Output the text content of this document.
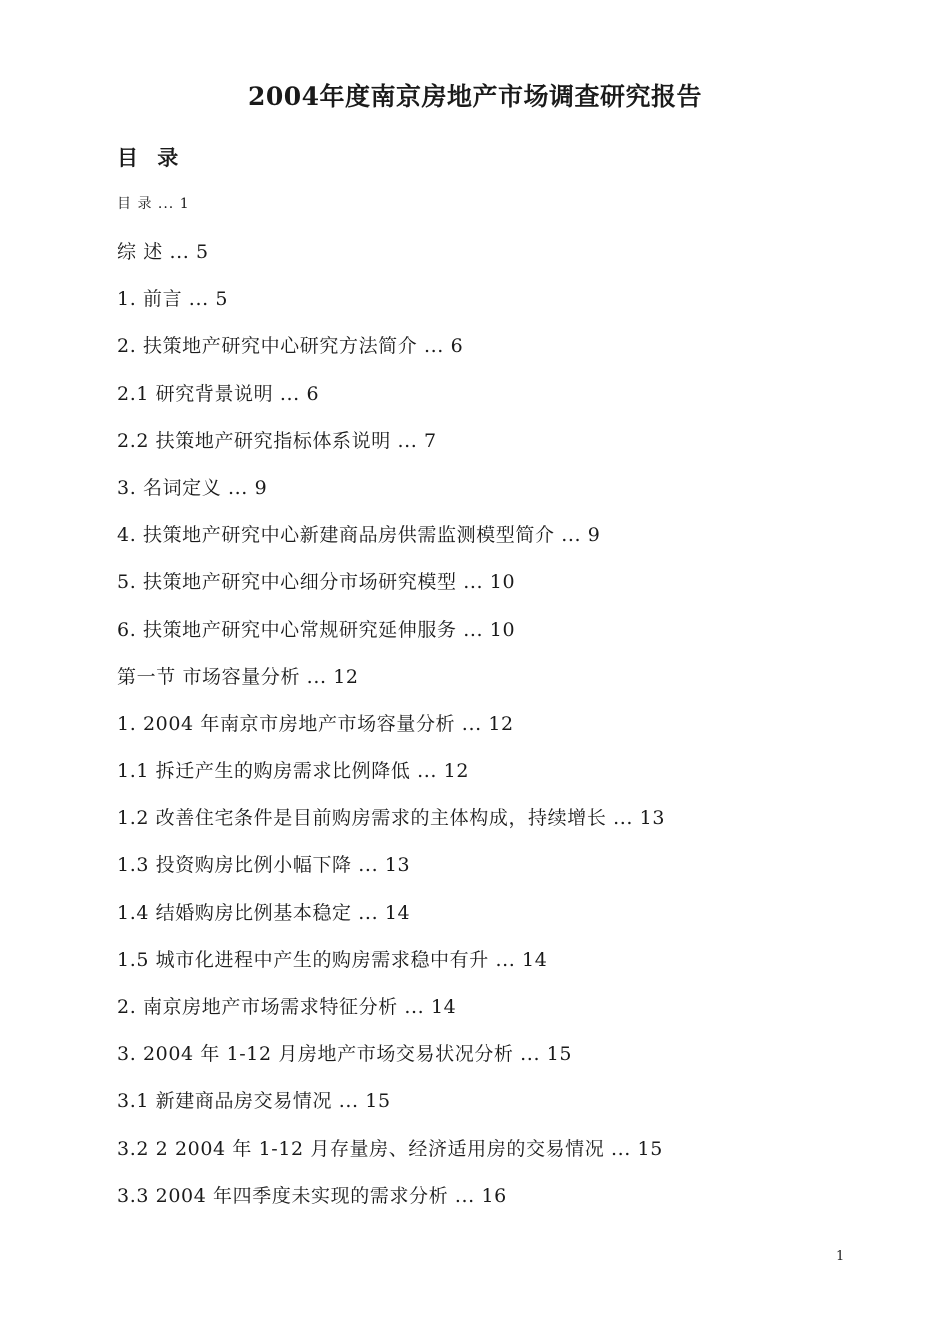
2004年度南京房地产市场调查研究报告
目 录
目 录 ... 1
综 述 ... 5
1. 前言 ... 5
2. 扶策地产研究中心研究方法简介 ... 6
2.1 研究背景说明 ... 6
2.2 扶策地产研究指标体系说明 ... 7
3. 名词定义 ... 9
4. 扶策地产研究中心新建商品房供需监测模型简介 ... 9
5. 扶策地产研究中心细分市场研究模型 ... 10
6. 扶策地产研究中心常规研究延伸服务 ... 10
第一节 市场容量分析 ... 12
1. 2004 年南京市房地产市场容量分析 ... 12
1.1 拆迁产生的购房需求比例降低 ... 12
1.2 改善住宅条件是目前购房需求的主体构成，持续增长 ... 13
1.3 投资购房比例小幅下降 ... 13
1.4 结婚购房比例基本稳定 ... 14
1.5 城市化进程中产生的购房需求稳中有升 ... 14
2. 南京房地产市场需求特征分析 ... 14
3. 2004 年 1-12 月房地产市场交易状况分析 ... 15
3.1 新建商品房交易情况 ... 15
3.2 2 2004 年 1-12 月存量房、经济适用房的交易情况 ... 15
3.3 2004 年四季度未实现的需求分析 ... 16
1
